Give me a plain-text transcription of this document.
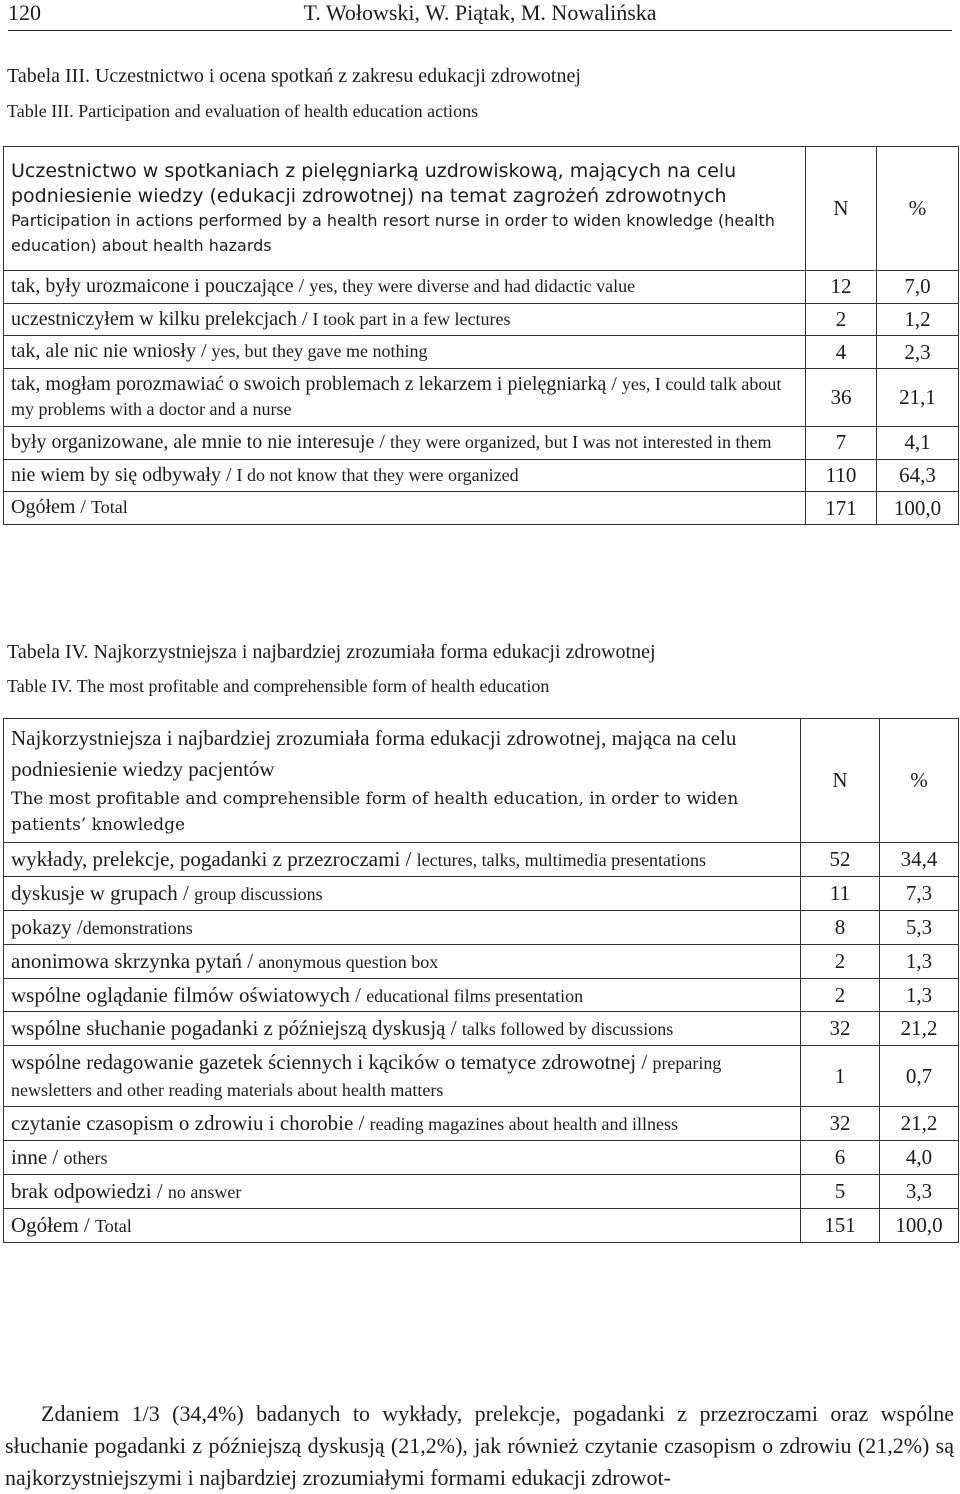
120	T. Wołowski, W. Piątak, M. Nowalińska
Tabela III. Uczestnictwo i ocena spotkań z zakresu edukacji zdrowotnej
Table III. Participation and evaluation of health education actions
Uczestnictwo w spotkaniach z pielęgniarką uzdrowiskową, mających na celu podniesienie wiedzy (edukacji zdrowotnej) na temat zagrożeń zdrowotnych
Participation in actions performed by a health resort nurse in order to widen knowledge (health education) about health hazards	N	%
tak, były urozmaicone i pouczające / yes, they were diverse and had didactic value	12	7,0
uczestniczyłem w kilku prelekcjach / I took part in a few lectures	2	1,2
tak, ale nic nie wniosły / yes, but they gave me nothing	4	2,3
tak, mogłam porozmawiać o swoich problemach z lekarzem i pielęgniarką / yes, I could talk about my problems with a doctor and a nurse	36	21,1
były organizowane, ale mnie to nie interesuje / they were organized, but I was not interested in them	7	4,1
nie wiem by się odbywały / I do not know that they were organized	110	64,3
Ogółem / Total	171	100,0
Tabela IV. Najkorzystniejsza i najbardziej zrozumiała forma edukacji zdrowotnej
Table IV. The most profitable and comprehensible form of health education
Najkorzystniejsza i najbardziej zrozumiała forma edukacji zdrowotnej, mająca na celu podniesienie wiedzy pacjentów
The most profitable and comprehensible form of health education, in order to widen patients’ knowledge	N	%
wykłady, prelekcje, pogadanki z przezroczami / lectures, talks, multimedia presentations	52	34,4
dyskusje w grupach / group discussions	11	7,3
pokazy /demonstrations	8	5,3
anonimowa skrzynka pytań / anonymous question box	2	1,3
wspólne oglądanie filmów oświatowych / educational films presentation	2	1,3
wspólne słuchanie pogadanki z późniejszą dyskusją / talks followed by discussions	32	21,2
wspólne redagowanie gazetek ściennych i kącików o tematyce zdrowotnej / preparing newsletters and other reading materials about health matters	1	0,7
czytanie czasopism o zdrowiu i chorobie / reading magazines about health and illness	32	21,2
inne / others	6	4,0
brak odpowiedzi / no answer	5	3,3
Ogółem / Total	151	100,0

Zdaniem 1/3 (34,4%) badanych to wykłady, prelekcje, pogadanki z przezroczami oraz wspólne słuchanie pogadanki z późniejszą dyskusją (21,2%), jak również czytanie czasopism o zdrowiu (21,2%) są najkorzystniejszymi i najbardziej zrozumiałymi formami edukacji zdrowot-
